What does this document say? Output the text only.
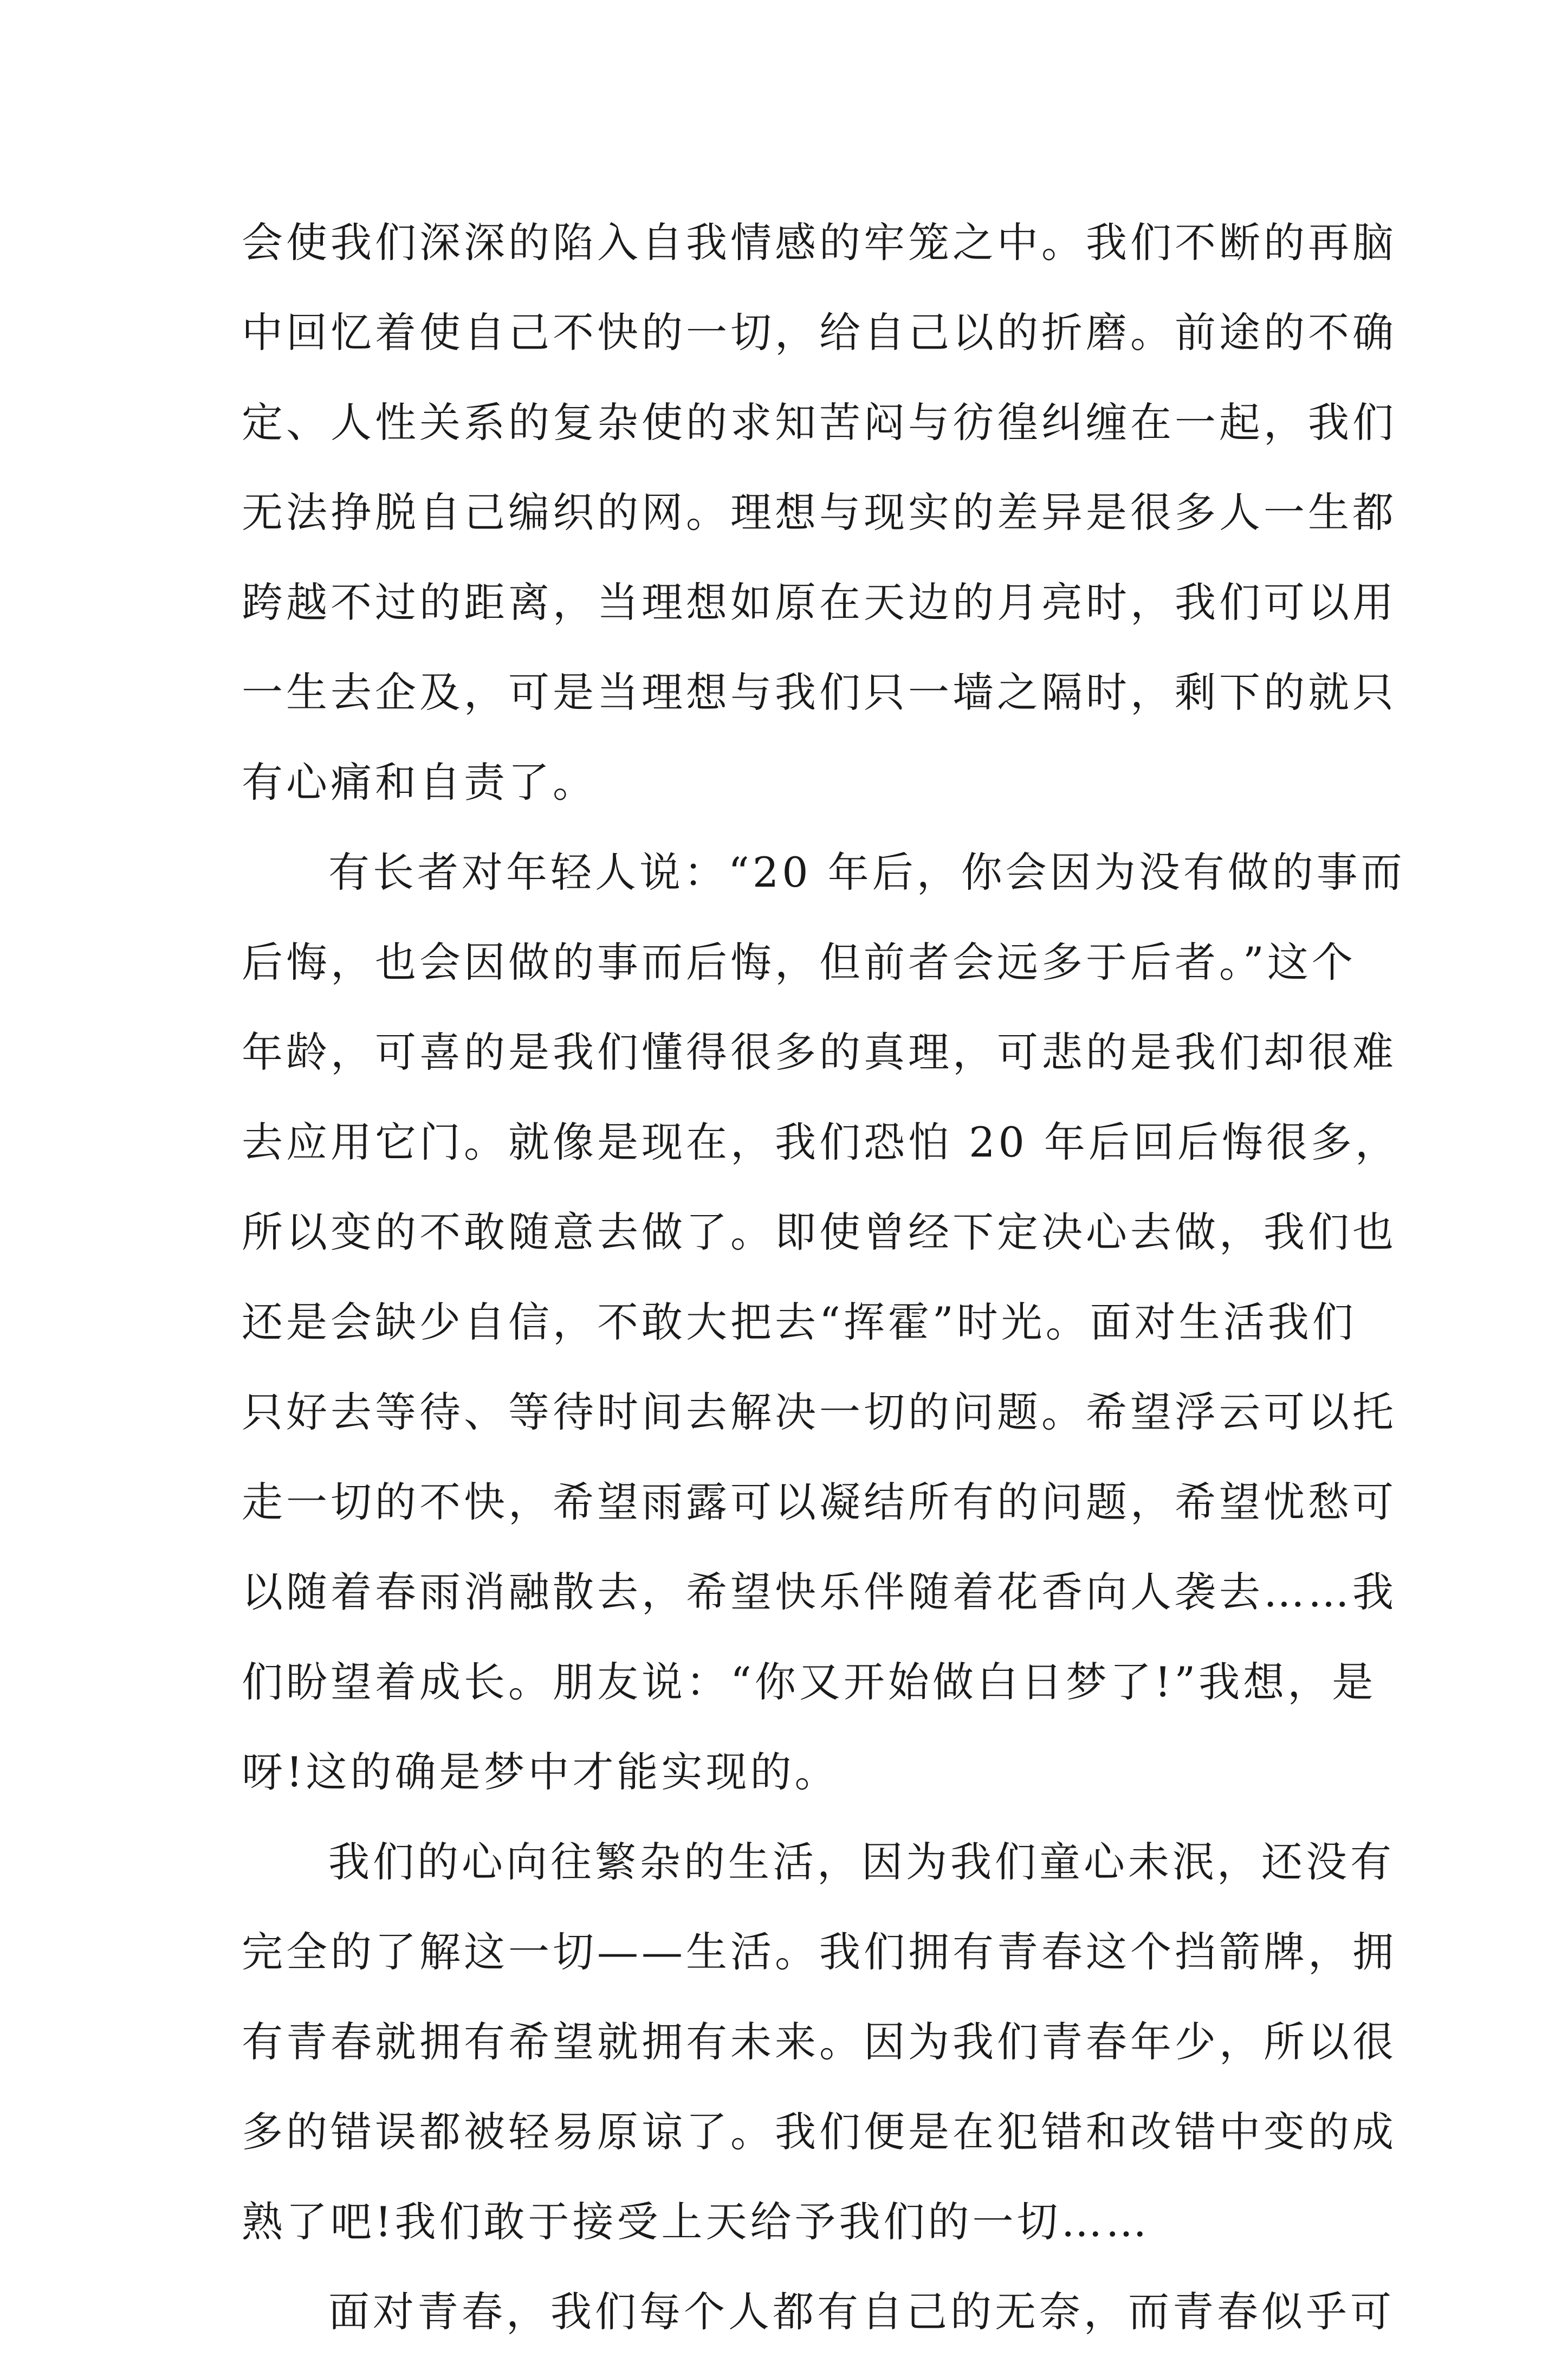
会使我们深深的陷入自我情感的牢笼之中。我们不断的再脑
中回忆着使自己不快的一切，给自己以的折磨。前途的不确
定、人性关系的复杂使的求知苦闷与彷徨纠缠在一起，我们
无法挣脱自己编织的网。理想与现实的差异是很多人一生都
跨越不过的距离，当理想如原在天边的月亮时，我们可以用
一生去企及，可是当理想与我们只一墙之隔时，剩下的就只
有心痛和自责了。
有长者对年轻人说：“20 年后，你会因为没有做的事而
后悔，也会因做的事而后悔，但前者会远多于后者。”这个
年龄，可喜的是我们懂得很多的真理，可悲的是我们却很难
去应用它门。就像是现在，我们恐怕 20 年后回后悔很多，
所以变的不敢随意去做了。即使曾经下定决心去做，我们也
还是会缺少自信，不敢大把去“挥霍”时光。面对生活我们
只好去等待、等待时间去解决一切的问题。希望浮云可以托
走一切的不快，希望雨露可以凝结所有的问题，希望忧愁可
以随着春雨消融散去，希望快乐伴随着花香向人袭去……我
们盼望着成长。朋友说：“你又开始做白日梦了!”我想，是
呀!这的确是梦中才能实现的。
我们的心向往繁杂的生活，因为我们童心未泯，还没有
完全的了解这一切——生活。我们拥有青春这个挡箭牌，拥
有青春就拥有希望就拥有未来。因为我们青春年少，所以很
多的错误都被轻易原谅了。我们便是在犯错和改错中变的成
熟了吧!我们敢于接受上天给予我们的一切……
面对青春，我们每个人都有自己的无奈，而青春似乎可
